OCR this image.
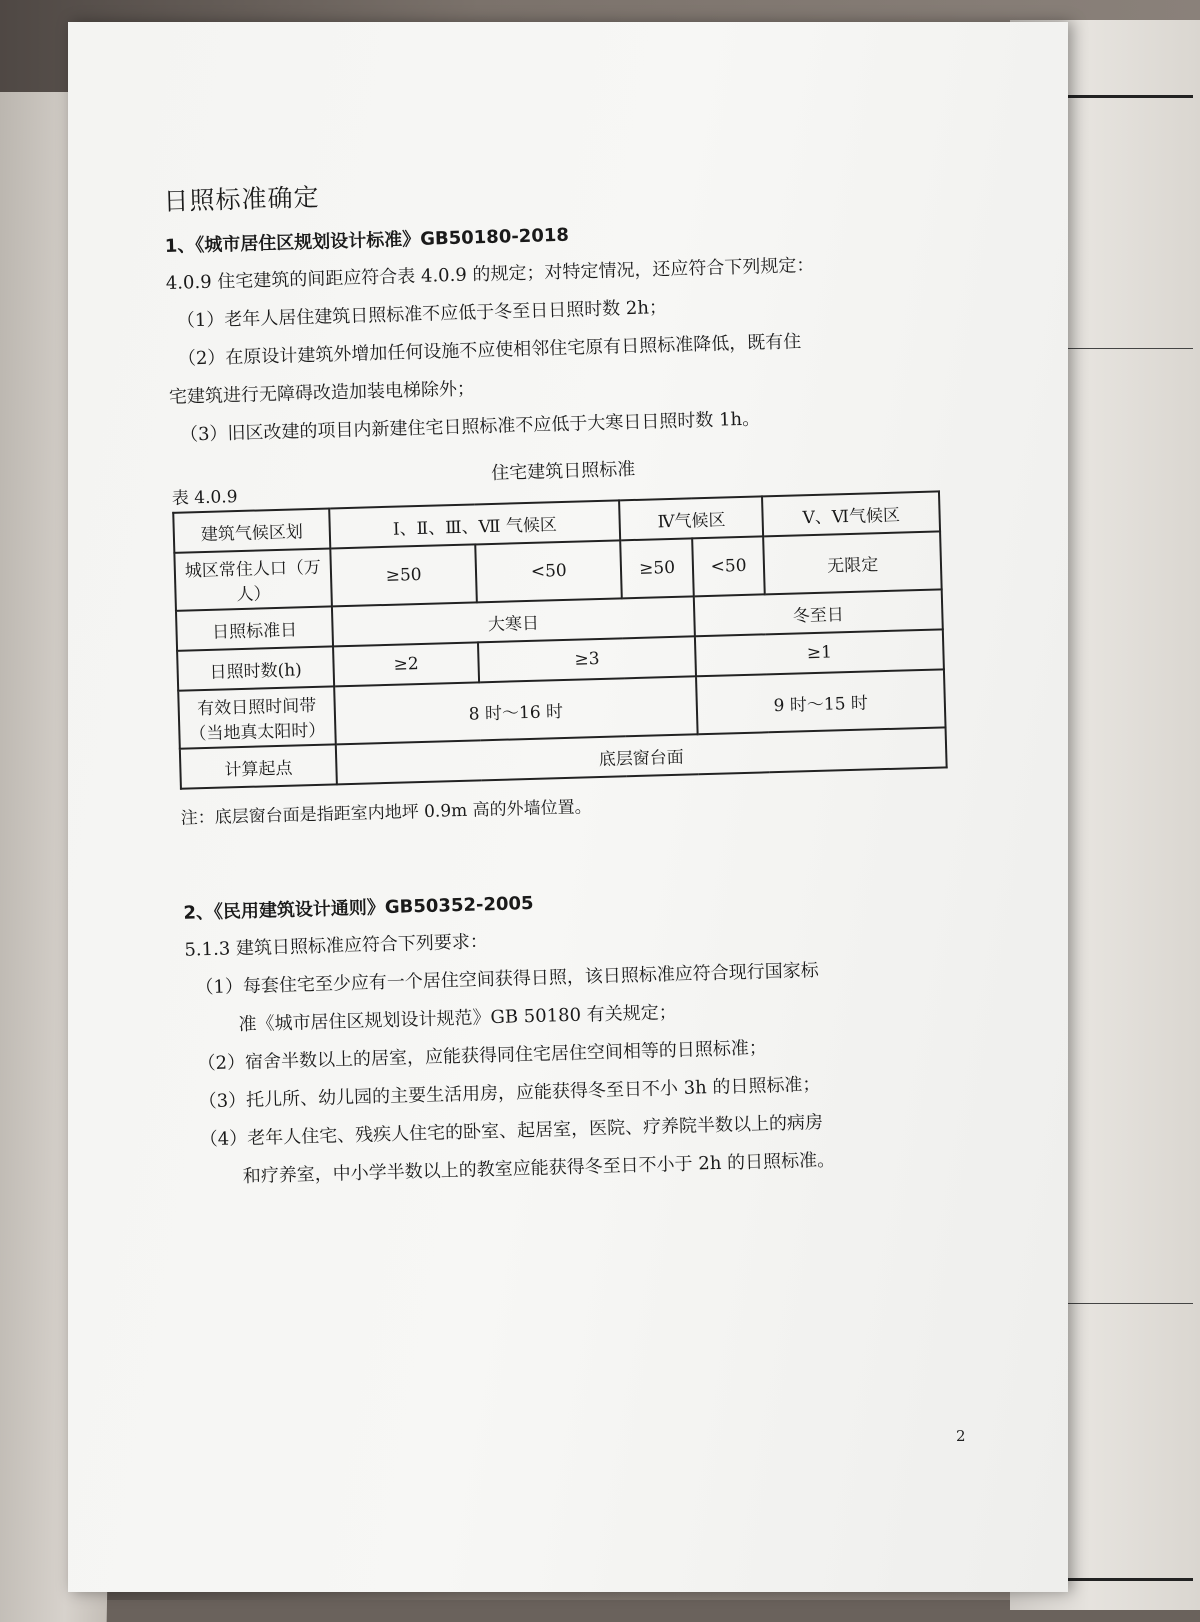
日照标准确定
1、《城市居住区规划设计标准》GB50180-2018
4.0.9 住宅建筑的间距应符合表 4.0.9 的规定；对特定情况，还应符合下列规定：
（1）老年人居住建筑日照标准不应低于冬至日日照时数 2h；
（2）在原设计建筑外增加任何设施不应使相邻住宅原有日照标准降低，既有住
宅建筑进行无障碍改造加装电梯除外；
（3）旧区改建的项目内新建住宅日照标准不应低于大寒日日照时数 1h。
表 4.0.9
住宅建筑日照标准
建筑气候区划	Ⅰ、Ⅱ、Ⅲ、Ⅶ 气候区		Ⅳ气候区		Ⅴ、Ⅵ气候区
城区常住人口（万人）	≥50	<50	≥50	<50	无限定
日照标准日	大寒日			冬至日	
日照时数(h)	≥2	≥3		≥1	
有效日照时间带（当地真太阳时）	8 时～16 时			9 时～15 时	
计算起点	底层窗台面				
注：底层窗台面是指距室内地坪 0.9m 高的外墙位置。
2、《民用建筑设计通则》GB50352-2005
5.1.3 建筑日照标准应符合下列要求：
（1）每套住宅至少应有一个居住空间获得日照，该日照标准应符合现行国家标
准《城市居住区规划设计规范》GB 50180 有关规定；
（2）宿舍半数以上的居室，应能获得同住宅居住空间相等的日照标准；
（3）托儿所、幼儿园的主要生活用房，应能获得冬至日不小 3h 的日照标准；
（4）老年人住宅、残疾人住宅的卧室、起居室，医院、疗养院半数以上的病房
和疗养室，中小学半数以上的教室应能获得冬至日不小于 2h 的日照标准。
2
